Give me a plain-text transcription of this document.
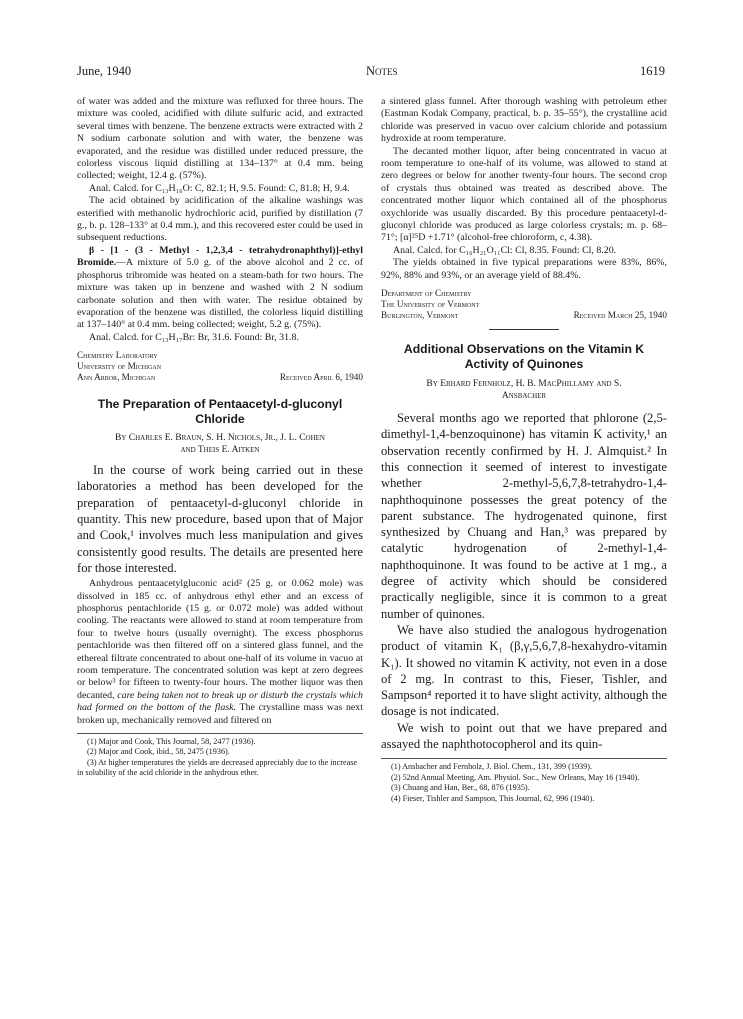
June, 1940	Notes	1619

of water was added and the mixture was refluxed for three hours. The mixture was cooled, acidified with dilute sulfuric acid, and extracted several times with benzene. The benzene extracts were extracted with 2 N sodium carbonate solution and with water, the benzene was evaporated, and the residue was distilled under reduced pressure, the colorless viscous liquid distilling at 134–137° at 0.4 mm. being collected; weight, 12.4 g. (57%).

Anal. Calcd. for C₁₃H₁₆O: C, 82.1; H, 9.5. Found: C, 81.8; H, 9.4.

The acid obtained by acidification of the alkaline washings was esterified with methanolic hydrochloric acid, purified by distillation (7 g., b. p. 128–133° at 0.4 mm.), and this recovered ester could be used in subsequent reductions.

β - [1 - (3 - Methyl - 1,2,3,4 - tetrahydronaphthyl)]-ethyl Bromide.—A mixture of 5.0 g. of the above alcohol and 2 cc. of phosphorus tribromide was heated on a steam-bath for two hours. The mixture was taken up in benzene and washed with 2 N sodium carbonate solution and then with water. The residue obtained by evaporation of the benzene was distilled, the colorless liquid distilling at 137–140° at 0.4 mm. being collected; weight, 5.2 g. (75%).

Anal. Calcd. for C₁₃H₁₇Br: Br, 31.6. Found: Br, 31.8.

Chemistry Laboratory
University of Michigan
Ann Arbor, Michigan	Received April 6, 1940
The Preparation of Pentaacetyl-d-gluconyl
Chloride
By Charles E. Braun, S. H. Nichols, Jr., J. L. Cohen
and Theis E. Aitken

In the course of work being carried out in these laboratories a method has been developed for the preparation of pentaacetyl-d-gluconyl chloride in quantity. This new procedure, based upon that of Major and Cook,¹ involves much less manipulation and gives consistently good results. The details are presented here for those interested.

Anhydrous pentaacetylgluconic acid² (25 g. or 0.062 mole) was dissolved in 185 cc. of anhydrous ethyl ether and an excess of phosphorus pentachloride (15 g. or 0.072 mole) was added without cooling. The reactants were allowed to stand at room temperature from four to twelve hours (usually overnight). The excess phosphorus pentachloride was then filtered off on a sintered glass funnel, and the ethereal filtrate concentrated to about one-half of its volume in vacuo at room temperature. The concentrated solution was kept at zero degrees or below³ for fifteen to twenty-four hours. The mother liquor was then decanted, care being taken not to break up or disturb the crystals which had formed on the bottom of the flask. The crystalline mass was next broken up, mechanically removed and filtered on

(1) Major and Cook, This Journal, 58, 2477 (1936).

(2) Major and Cook, ibid., 58, 2475 (1936).

(3) At higher temperatures the yields are decreased appreciably due to the increase in solubility of the acid chloride in the anhydrous ether.

a sintered glass funnel. After thorough washing with petroleum ether (Eastman Kodak Company, practical, b. p. 35–55°), the crystalline acid chloride was preserved in vacuo over calcium chloride and potassium hydroxide at room temperature.

The decanted mother liquor, after being concentrated in vacuo at room temperature to one-half of its volume, was allowed to stand at zero degrees or below for another twenty-four hours. The second crop of crystals thus obtained was treated as described above. The concentrated mother liquor which contained all of the phosphorus oxychloride was usually discarded. By this procedure pentaacetyl-d-gluconyl chloride was produced as large colorless crystals; m. p. 68–71°; [α]²⁵D +1.71° (alcohol-free chloroform, c, 4.38).

Anal. Calcd. for C₁₆H₂₁O₁₁Cl: Cl, 8.35. Found: Cl, 8.20.

The yields obtained in five typical preparations were 83%, 86%, 92%, 88% and 93%, or an average yield of 88.4%.

Department of Chemistry
The University of Vermont
Burlington, Vermont	Received March 25, 1940
Additional Observations on the Vitamin K
Activity of Quinones
By Erhard Fernholz, H. B. MacPhillamy and S.
Ansbacher

Several months ago we reported that phlorone (2,5-dimethyl-1,4-benzoquinone) has vitamin K activity,¹ an observation recently confirmed by H. J. Almquist.² In this connection it seemed of interest to investigate whether 2-methyl-5,6,7,8-tetrahydro-1,4-naphthoquinone possesses the great potency of the parent substance. The hydrogenated quinone, first synthesized by Chuang and Han,³ was prepared by catalytic hydrogenation of 2-methyl-1,4-naphthoquinone. It was found to be active at 1 mg., a degree of activity which should be considered practically negligible, since it is common to a great number of quinones.

We have also studied the analogous hydrogenation product of vitamin K₁ (β,γ,5,6,7,8-hexahydro-vitamin K₁). It showed no vitamin K activity, not even in a dose of 2 mg. In contrast to this, Fieser, Tishler, and Sampson⁴ reported it to have slight activity, although the dosage is not indicated.

We wish to point out that we have prepared and assayed the naphthotocopherol and its quin-

(1) Ansbacher and Fernholz, J. Biol. Chem., 131, 399 (1939).

(2) 52nd Annual Meeting, Am. Physiol. Soc., New Orleans, May 16 (1940).

(3) Chuang and Han, Ber., 68, 876 (1935).

(4) Fieser, Tishler and Sampson, This Journal, 62, 996 (1940).
